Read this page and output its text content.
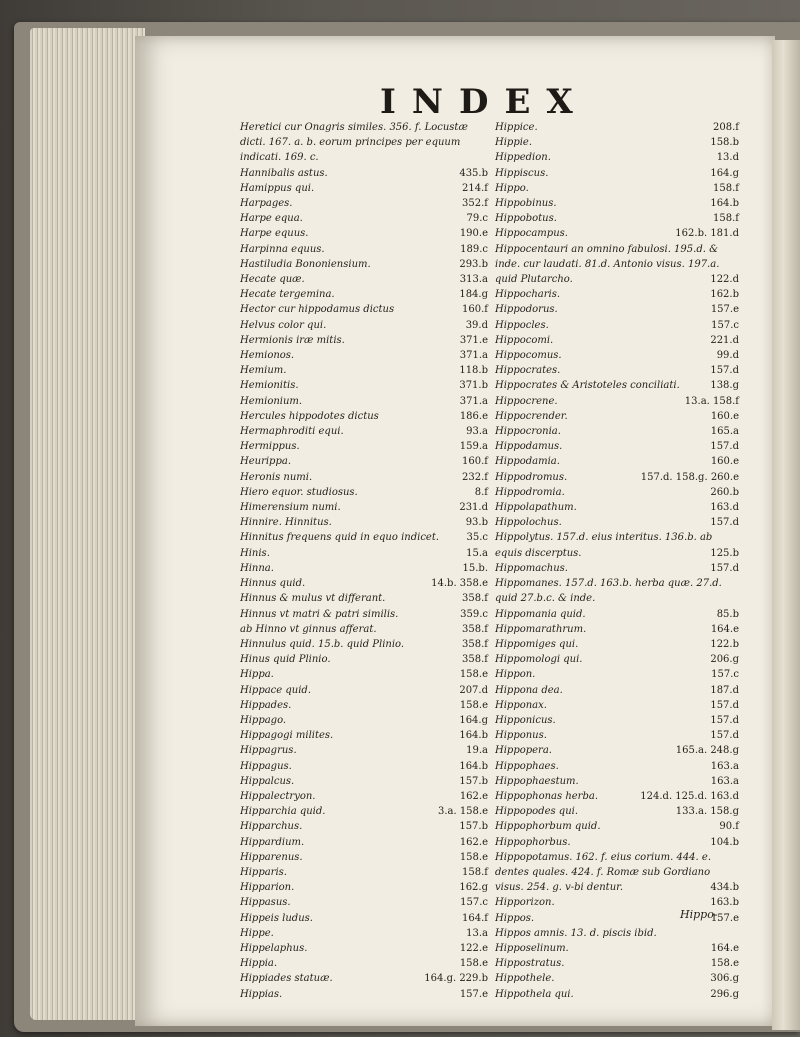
INDEX
Heretici cur Onagris similes. 356. f. Locustæ dicti. 167. a. b. eorum principes per equum indicati. 169. c.
Hannibalis astus.	435.b
Hamippus qui.	214.f
Harpages.	352.f
Harpe equa.	79.c
Harpe equus.	190.e
Harpinna equus.	189.c
Hastiludia Bononiensium.	293.b
Hecate quæ.	313.a
Hecate tergemina.	184.g
Hector cur hippodamus dictus	160.f
Helvus color qui.	39.d
Hermionis iræ mitis.	371.e
Hemionos.	371.a
Hemium.	118.b
Hemionitis.	371.b
Hemionium.	371.a
Hercules hippodotes dictus	186.e
Hermaphroditi equi.	93.a
Hermippus.	159.a
Heurippa.	160.f
Heronis numi.	232.f
Hiero equor. studiosus.	8.f
Himerensium numi.	231.d
Hinnire. Hinnitus.	93.b
Hinnitus frequens quid in equo indicet.	35.c
Hinis.	15.a
Hinna.	15.b.
Hinnus quid.	14.b. 358.e
Hinnus & mulus vt differant.	358.f
Hinnus vt matri & patri similis.	359.c
ab Hinno vt ginnus afferat.	358.f
Hinnulus quid. 15.b. quid Plinio.	358.f
Hinus quid Plinio.	358.f
Hippa.	158.e
Hippace quid.	207.d
Hippades.	158.e
Hippago.	164.g
Hippagogi milites.	164.b
Hippagrus.	19.a
Hippagus.	164.b
Hippalcus.	157.b
Hippalectryon.	162.e
Hipparchia quid.	3.a. 158.e
Hipparchus.	157.b
Hippardium.	162.e
Hipparenus.	158.e
Hipparis.	158.f
Hipparion.	162.g
Hippasus.	157.c
Hippeis ludus.	164.f
Hippe.	13.a
Hippelaphus.	122.e
Hippia.	158.e
Hippiades statuæ.	164.g. 229.b
Hippias.	157.e
Hippice.	208.f
Hippie.	158.b
Hippedion.	13.d
Hippiscus.	164.g
Hippo.	158.f
Hippobinus.	164.b
Hippobotus.	158.f
Hippocampus.	162.b. 181.d
Hippocentauri an omnino fabulosi. 195.d. & inde. cur laudati. 81.d. Antonio visus. 197.a. quid Plutarcho.	122.d
Hippocharis.	162.b
Hippodorus.	157.e
Hippocles.	157.c
Hippocomi.	221.d
Hippocomus.	99.d
Hippocrates.	157.d
Hippocrates & Aristoteles conciliati.	138.g
Hippocrene.	13.a. 158.f
Hippocrender.	160.e
Hippocronia.	165.a
Hippodamus.	157.d
Hippodamia.	160.e
Hippodromus.	157.d. 158.g. 260.e
Hippodromia.	260.b
Hippolapathum.	163.d
Hippolochus.	157.d
Hippolytus. 157.d. eius interitus. 136.b. ab equis discerptus.	125.b
Hippomachus.	157.d
Hippomanes. 157.d. 163.b. herba quæ. 27.d. quid 27.b.c. & inde.
Hippomania quid.	85.b
Hippomarathrum.	164.e
Hippomiges qui.	122.b
Hippomologi qui.	206.g
Hippon.	157.c
Hippona dea.	187.d
Hipponax.	157.d
Hipponicus.	157.d
Hipponus.	157.d
Hippopera.	165.a. 248.g
Hippophaes.	163.a
Hippophaestum.	163.a
Hippophonas herba.	124.d. 125.d. 163.d
Hippopodes qui.	133.a. 158.g
Hippophorbum quid.	90.f
Hippophorbus.	104.b
Hippopotamus. 162. f. eius corium. 444. e. dentes quales. 424. f. Romæ sub Gordiano visus. 254. g. v-bi dentur.	434.b
Hipporizon.	163.b
Hippos.	157.e
Hippos amnis. 13. d. piscis ibid.
Hipposelinum.	164.e
Hippostratus.	158.e
Hippothele.	306.g
Hippothela qui.	296.g
Hippo-
